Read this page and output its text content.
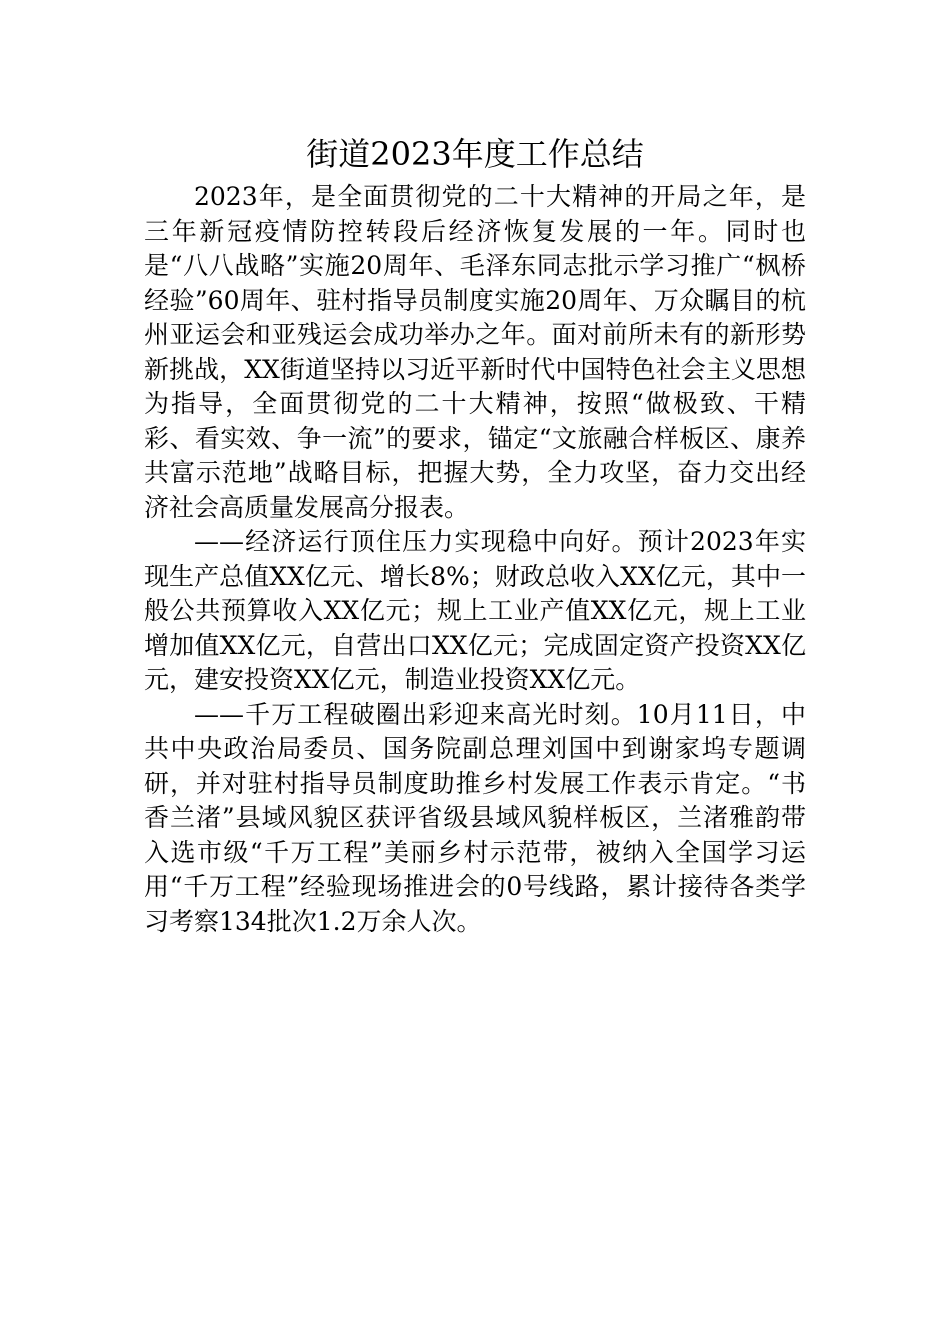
街道2023年度工作总结

2023年，是全面贯彻党的二十大精神的开局之年，是三年新冠疫情防控转段后经济恢复发展的一年。同时也是“八八战略”实施20周年、毛泽东同志批示学习推广“枫桥经验”60周年、驻村指导员制度实施20周年、万众瞩目的杭州亚运会和亚残运会成功举办之年。面对前所未有的新形势新挑战，XX街道坚持以习近平新时代中国特色社会主义思想为指导，全面贯彻党的二十大精神，按照“做极致、干精彩、看实效、争一流”的要求，锚定“文旅融合样板区、康养共富示范地”战略目标，把握大势，全力攻坚，奋力交出经济社会高质量发展高分报表。

——经济运行顶住压力实现稳中向好。预计2023年实现生产总值XX亿元、增长8%；财政总收入XX亿元，其中一般公共预算收入XX亿元；规上工业产值XX亿元，规上工业增加值XX亿元，自营出口XX亿元；完成固定资产投资XX亿元，建安投资XX亿元，制造业投资XX亿元。

——千万工程破圈出彩迎来高光时刻。10月11日，中共中央政治局委员、国务院副总理刘国中到谢家坞专题调研，并对驻村指导员制度助推乡村发展工作表示肯定。“书香兰渚”县域风貌区获评省级县域风貌样板区，兰渚雅韵带入选市级“千万工程”美丽乡村示范带，被纳入全国学习运用“千万工程”经验现场推进会的0号线路，累计接待各类学习考察134批次1.2万余人次。
